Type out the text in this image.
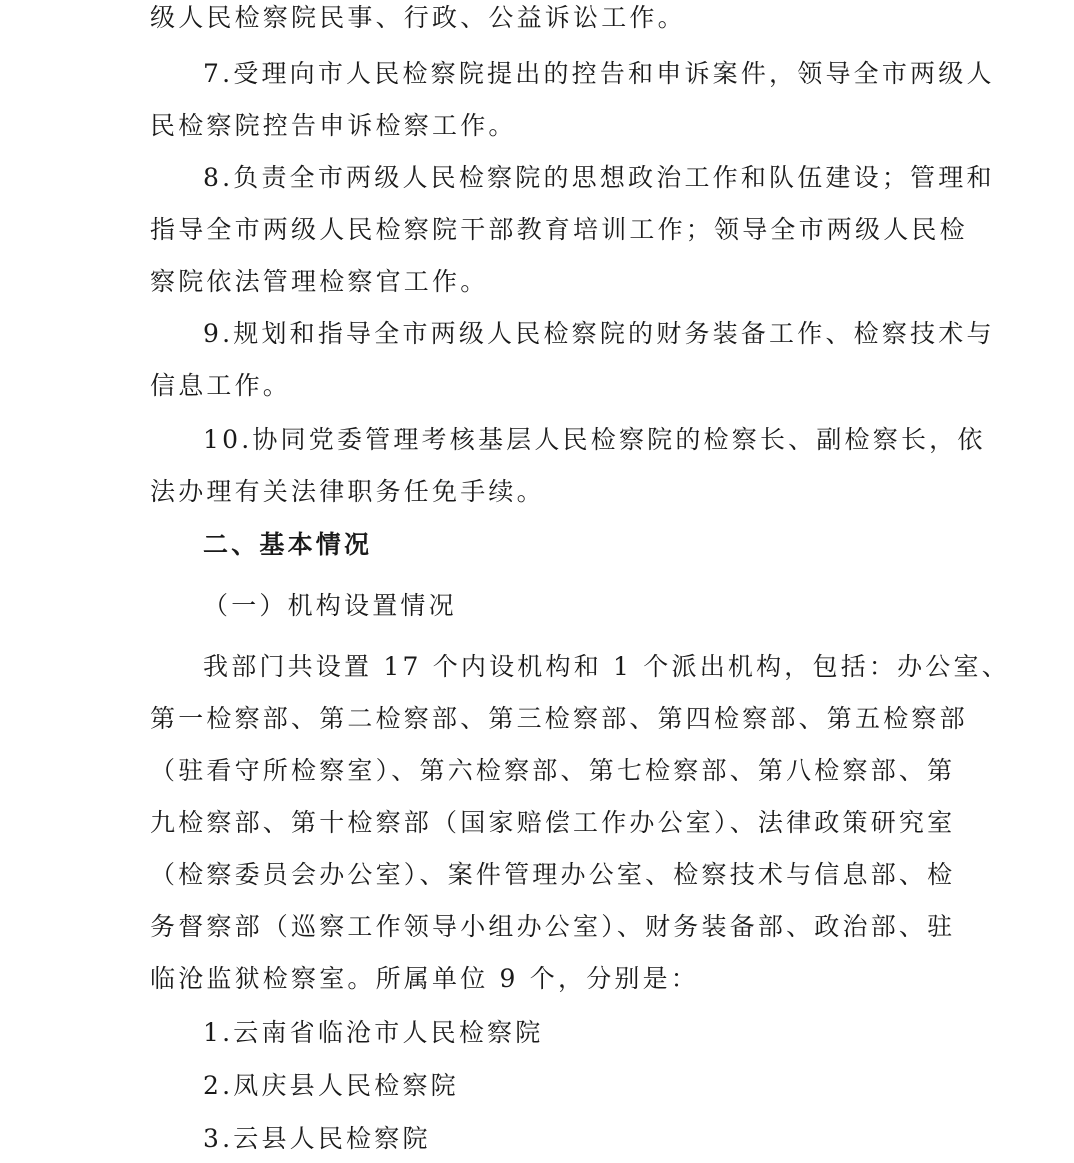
级人民检察院民事、行政、公益诉讼工作。
7.受理向市人民检察院提出的控告和申诉案件，领导全市两级人
民检察院控告申诉检察工作。
8.负责全市两级人民检察院的思想政治工作和队伍建设；管理和
指导全市两级人民检察院干部教育培训工作；领导全市两级人民检
察院依法管理检察官工作。
9.规划和指导全市两级人民检察院的财务装备工作、检察技术与
信息工作。
10.协同党委管理考核基层人民检察院的检察长、副检察长，依
法办理有关法律职务任免手续。
二、基本情况
（一）机构设置情况
我部门共设置 17 个内设机构和 1 个派出机构，包括：办公室、
第一检察部、第二检察部、第三检察部、第四检察部、第五检察部
（驻看守所检察室）、第六检察部、第七检察部、第八检察部、第
九检察部、第十检察部（国家赔偿工作办公室）、法律政策研究室
（检察委员会办公室）、案件管理办公室、检察技术与信息部、检
务督察部（巡察工作领导小组办公室）、财务装备部、政治部、驻
临沧监狱检察室。所属单位 9 个，分别是：
1.云南省临沧市人民检察院
2.凤庆县人民检察院
3.云县人民检察院
